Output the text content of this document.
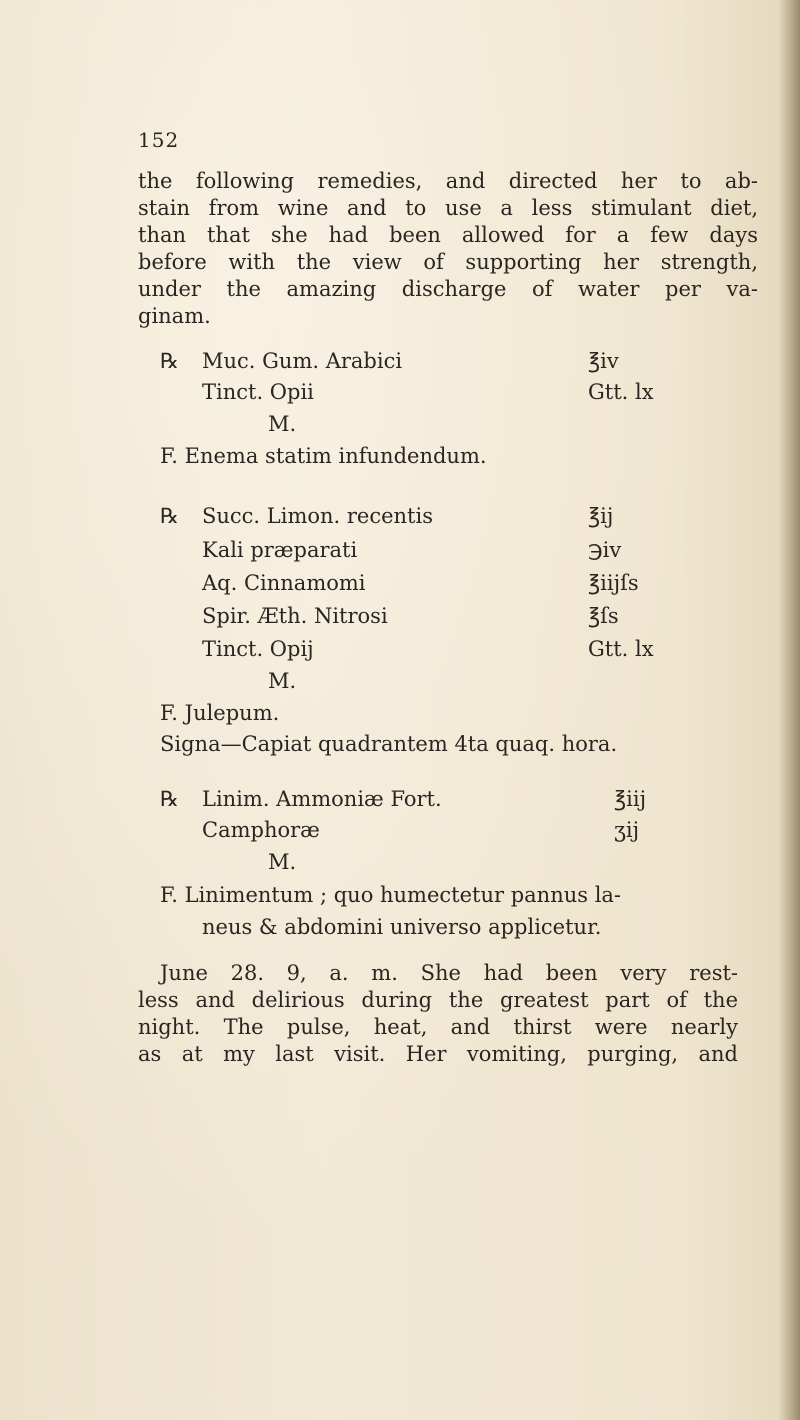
152
the following remedies, and directed her to ab-
stain from wine and to use a less stimulant diet,
than that she had been allowed for a few days
before with the view of supporting her strength,
under the amazing discharge of water per va-
ginam.
℞ Muc. Gum. Arabici	℥iv
Tinct. Opii	Gtt. lx
M.
F. Enema statim infundendum.
℞ Succ. Limon. recentis	℥ij
Kali præparati	℈iv
Aq. Cinnamomi	℥iijſs
Spir. Æth. Nitrosi	℥ſs
Tinct. Opij	Gtt. lx
M.
F. Julepum.
Signa—Capiat quadrantem 4ta quaq. hora.
℞ Linim. Ammoniæ Fort.	℥iij
Camphoræ	ʒij
M.
F. Linimentum ; quo humectetur pannus la-
neus & abdomini universo applicetur.
June 28. 9, a. m. She had been very rest-
less and delirious during the greatest part of the
night. The pulse, heat, and thirst were nearly
as at my last visit. Her vomiting, purging, and
